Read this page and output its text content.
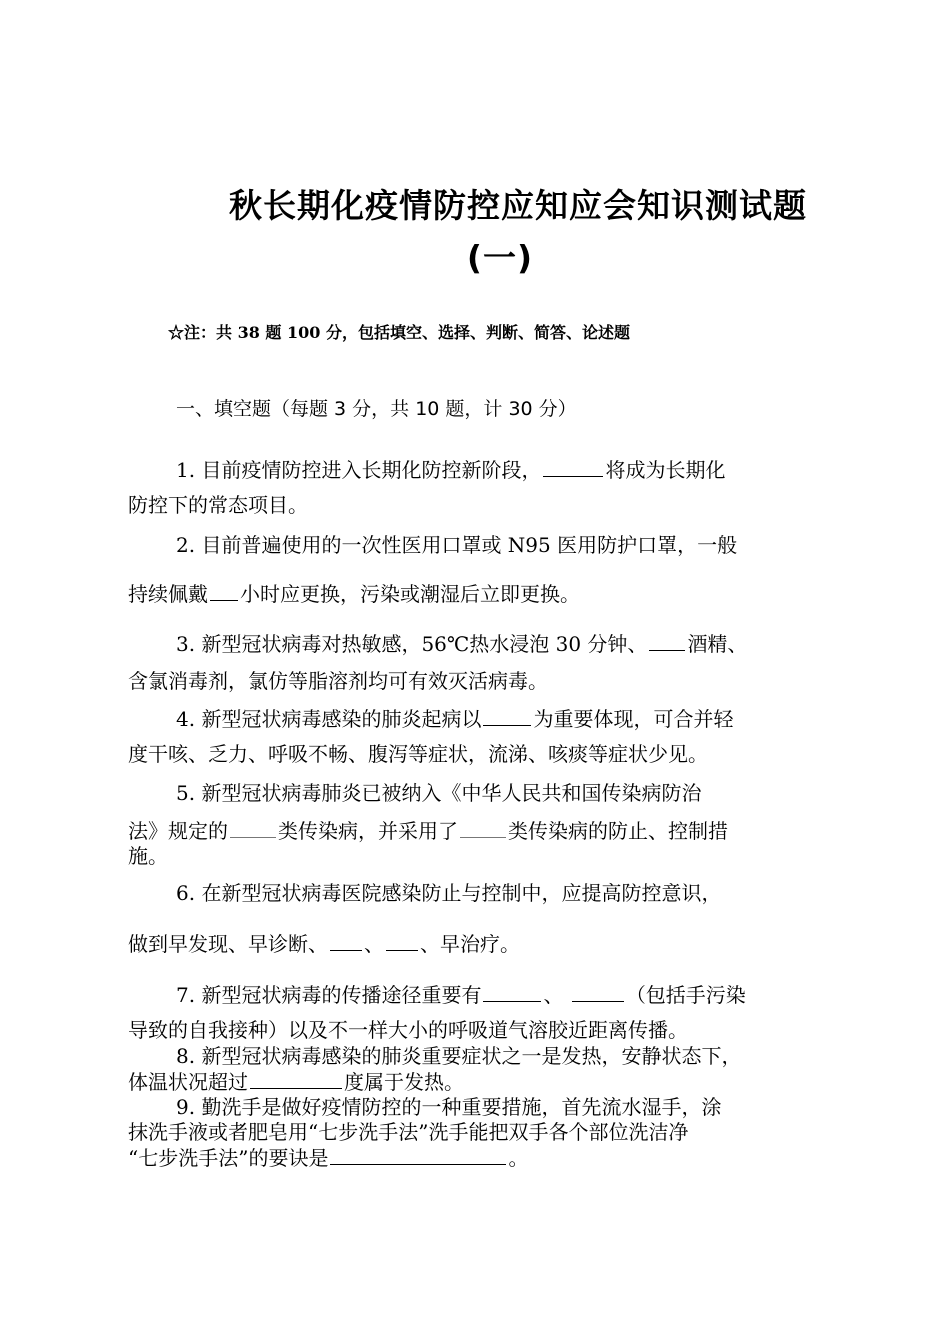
秋长期化疫情防控应知应会知识测试题
(一)
☆注：共 38 题 100 分，包括填空、选择、判断、简答、论述题
一、填空题（每题 3 分，共 10 题，计 30 分）
1. 目前疫情防控进入长期化防控新阶段，	将成为长期化
防控下的常态项目。
2. 目前普遍使用的一次性医用口罩或 N95 医用防护口罩，一般
持续佩戴 小时应更换，污染或潮湿后立即更换。
3. 新型冠状病毒对热敏感，56℃热水浸泡 30 分钟、 酒精、
含氯消毒剂，氯仿等脂溶剂均可有效灭活病毒。
4. 新型冠状病毒感染的肺炎起病以	为重要体现，可合并轻
度干咳、乏力、呼吸不畅、腹泻等症状，流涕、咳痰等症状少见。
5. 新型冠状病毒肺炎已被纳入《中华人民共和国传染病防治
法》规定的	类传染病，并采用了	类传染病的防止、控制措
施。
6. 在新型冠状病毒医院感染防止与控制中，应提高防控意识，
做到早发现、早诊断、 、 、早治疗。
7. 新型冠状病毒的传播途径重要有	、	（包括手污染
导致的自我接种）以及不一样大小的呼吸道气溶胶近距离传播。
8. 新型冠状病毒感染的肺炎重要症状之一是发热，安静状态下，
体温状况超过	度属于发热。
9. 勤洗手是做好疫情防控的一种重要措施，首先流水湿手，涂
抹洗手液或者肥皂用“七步洗手法”洗手能把双手各个部位洗洁净
“七步洗手法”的要诀是	。
